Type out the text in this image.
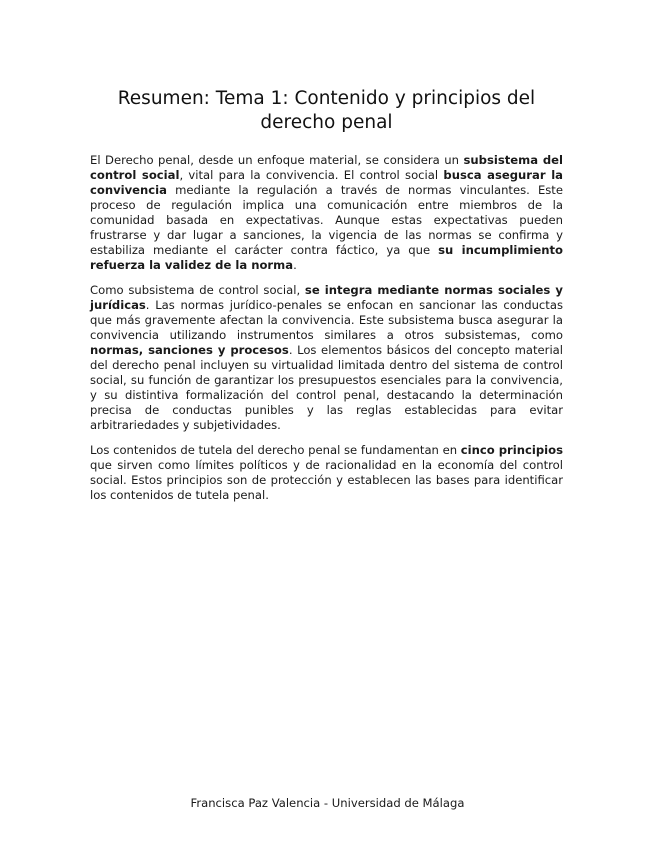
Resumen: Tema 1: Contenido y principios del derecho penal

El Derecho penal, desde un enfoque material, se considera un subsistema del control social, vital para la convivencia. El control social busca asegurar la convivencia mediante la regulación a través de normas vinculantes. Este proceso de regulación implica una comunicación entre miembros de la comunidad basada en expectativas. Aunque estas expectativas pueden frustrarse y dar lugar a sanciones, la vigencia de las normas se confirma y estabiliza mediante el carácter contra fáctico, ya que su incumplimiento refuerza la validez de la norma.

Como subsistema de control social, se integra mediante normas sociales y jurídicas. Las normas jurídico-penales se enfocan en sancionar las conductas que más gravemente afectan la convivencia. Este subsistema busca asegurar la convivencia utilizando instrumentos similares a otros subsistemas, como normas, sanciones y procesos. Los elementos básicos del concepto material del derecho penal incluyen su virtualidad limitada dentro del sistema de control social, su función de garantizar los presupuestos esenciales para la convivencia, y su distintiva formalización del control penal, destacando la determinación precisa de conductas punibles y las reglas establecidas para evitar arbitrariedades y subjetividades.

Los contenidos de tutela del derecho penal se fundamentan en cinco principios que sirven como límites políticos y de racionalidad en la economía del control social. Estos principios son de protección y establecen las bases para identificar los contenidos de tutela penal.

Francisca Paz Valencia - Universidad de Málaga
